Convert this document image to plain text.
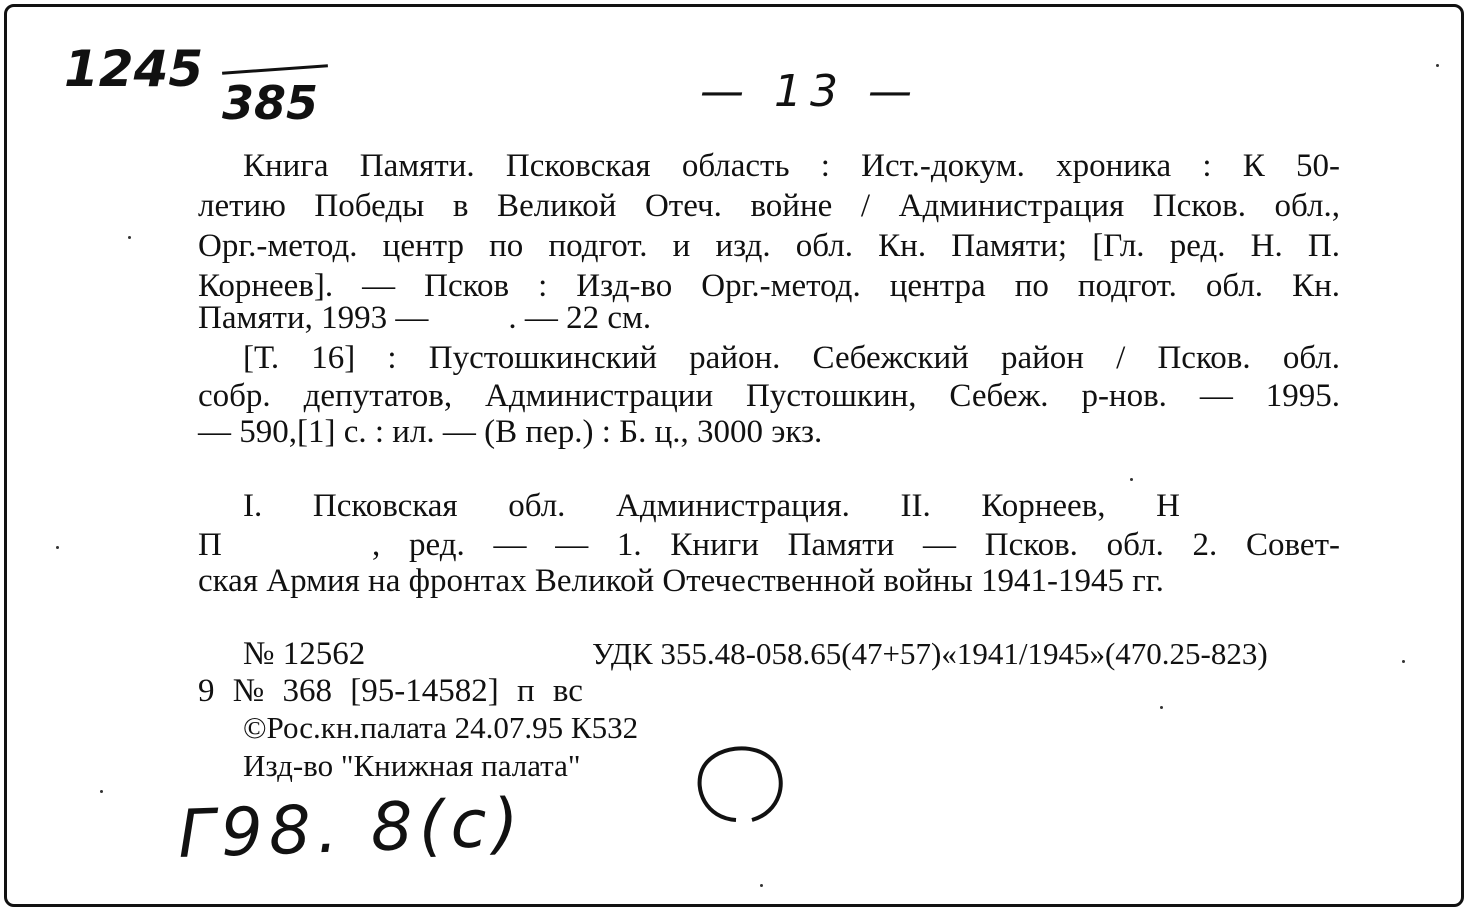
1245
385	— 13 —
Г98. 8(с)
Книга Памяти. Псковская область : Ист.-докум. хроника : К 50-
летию Победы в Великой Отеч. войне / Администрация Псков. обл.,
Орг.-метод. центр по подгот. и изд. обл. Кн. Памяти; [Гл. ред. Н. П.
Корнеев]. — Псков : Изд-во Орг.-метод. центра по подгот. обл. Кн.
Памяти, 1993 — . — 22 см.
[Т. 16] : Пустошкинский район. Себежский район / Псков. обл.
собр. депутатов, Администрации Пустошкин, Себеж. р-нов. — 1995.
— 590,[1] с. : ил. — (В пер.) : Б. ц., 3000 экз.
I. Псковская обл. Администрация. II. Корнеев, Н
П	, ред. — — 1. Книги Памяти — Псков. обл. 2. Совет-
ская Армия на фронтах Великой Отечественной войны 1941-1945 гг.
№ 12562	УДК 355.48-058.65(47+57)«1941/1945»(470.25-823)
9 № 368 [95-14582] п вс
©Рос.кн.палата 24.07.95 К532
Изд-во "Книжная палата"
